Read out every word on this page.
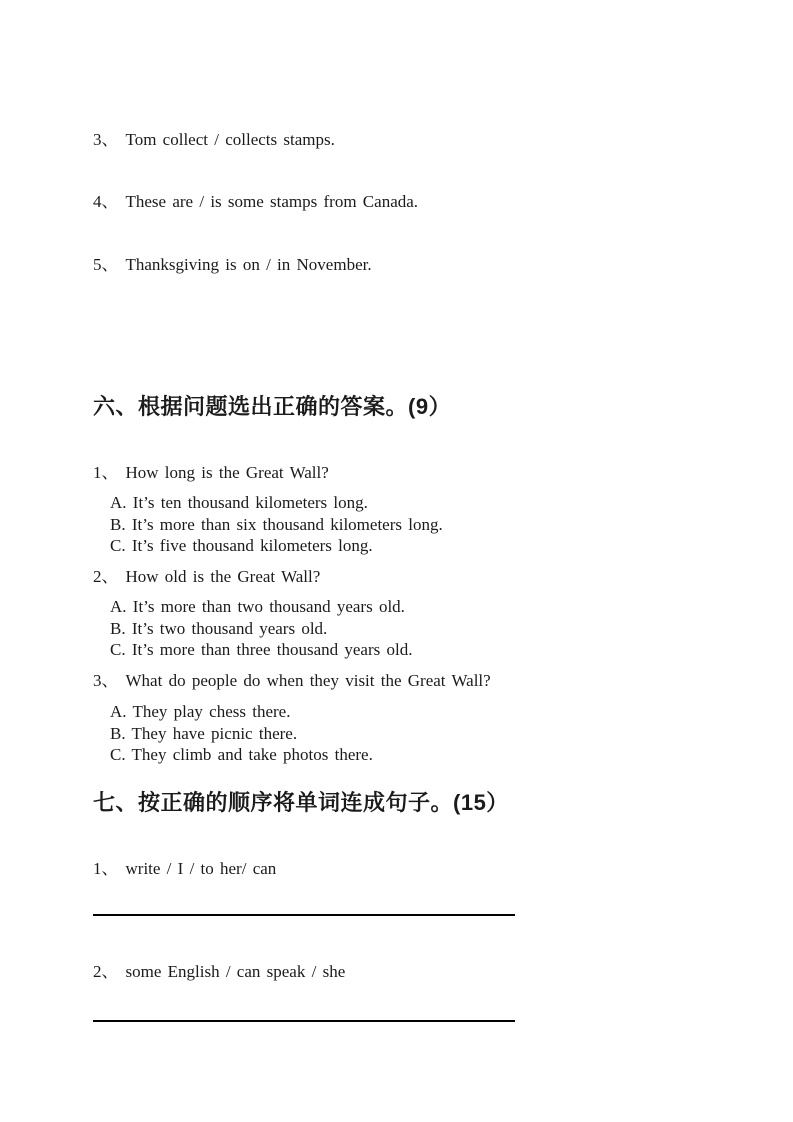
3、 Tom collect / collects stamps.
4、 These are / is some stamps from Canada.
5、 Thanksgiving is on / in November.
六、根据问题选出正确的答案。(9）
1、 How long is the Great Wall?
A. It’s ten thousand kilometers long.
B. It’s more than six thousand kilometers long.
C. It’s five thousand kilometers long.
2、 How old is the Great Wall?
A. It’s more than two thousand years old.
B. It’s two thousand years old.
C. It’s more than three thousand years old.
3、 What do people do when they visit the Great Wall?
A. They play chess there.
B. They have picnic there.
C. They climb and take photos there.
七、按正确的顺序将单词连成句子。(15）
1、 write / I / to her/ can
2、 some English / can speak / she
